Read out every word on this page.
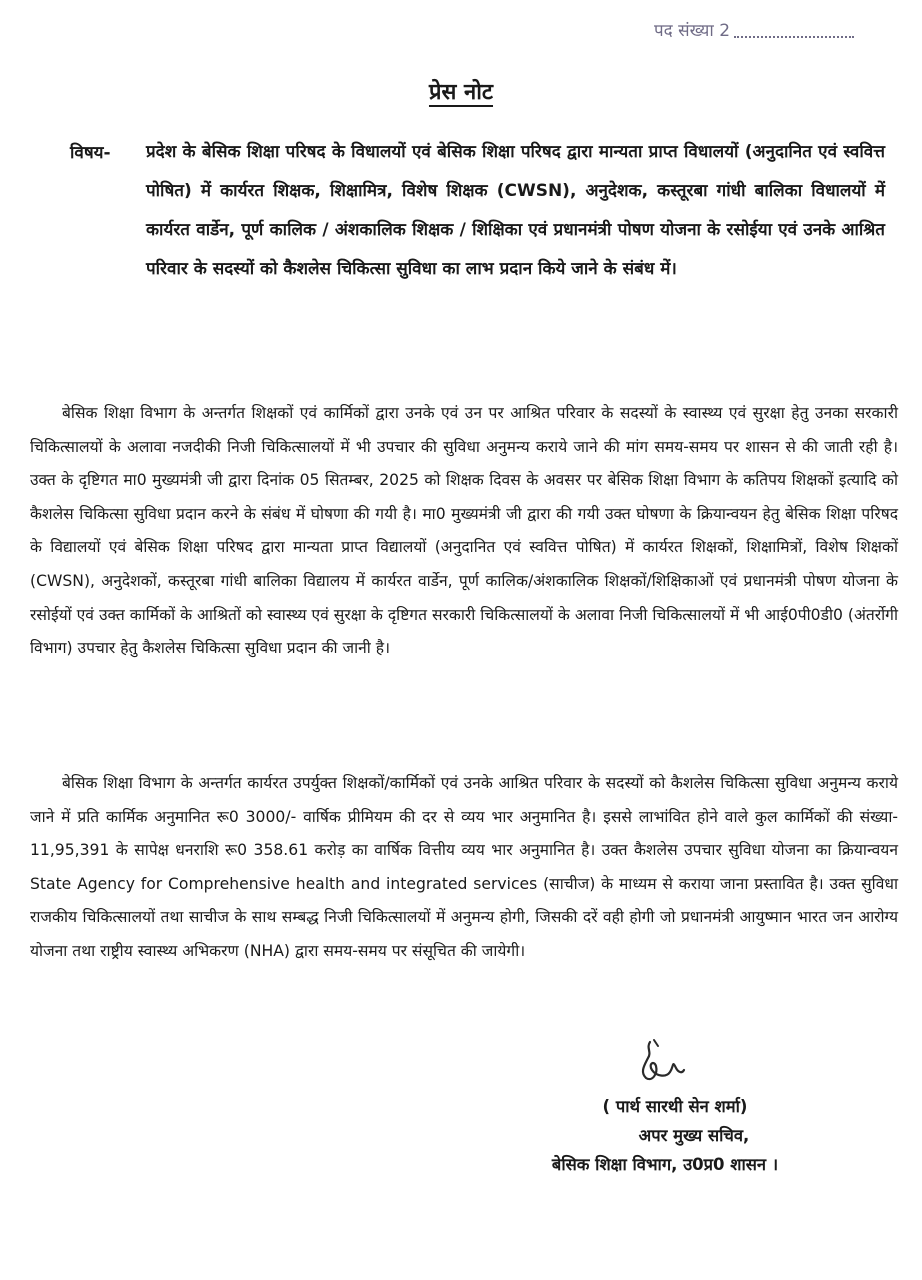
पद संख्या 2
प्रेस नोट
विषय- प्रदेश के बेसिक शिक्षा परिषद के विधालयों एवं बेसिक शिक्षा परिषद द्वारा मान्यता प्राप्त विधालयों (अनुदानित एवं स्ववित्त पोषित) में कार्यरत शिक्षक, शिक्षामित्र, विशेष शिक्षक (CWSN), अनुदेशक, कस्तूरबा गांधी बालिका विधालयों में कार्यरत वार्डेन, पूर्ण कालिक / अंशकालिक शिक्षक / शिक्षिका एवं प्रधानमंत्री पोषण योजना के रसोईया एवं उनके आश्रित परिवार के सदस्यों को कैशलेस चिकित्सा सुविधा का लाभ प्रदान किये जाने के संबंध में।

बेसिक शिक्षा विभाग के अन्तर्गत शिक्षकों एवं कार्मिकों द्वारा उनके एवं उन पर आश्रित परिवार के सदस्यों के स्वास्थ्य एवं सुरक्षा हेतु उनका सरकारी चिकित्सालयों के अलावा नजदीकी निजी चिकित्सालयों में भी उपचार की सुविधा अनुमन्य कराये जाने की मांग समय-समय पर शासन से की जाती रही है। उक्त के दृष्टिगत मा0 मुख्यमंत्री जी द्वारा दिनांक 05 सितम्बर, 2025 को शिक्षक दिवस के अवसर पर बेसिक शिक्षा विभाग के कतिपय शिक्षकों इत्यादि को कैशलेस चिकित्सा सुविधा प्रदान करने के संबंध में घोषणा की गयी है। मा0 मुख्यमंत्री जी द्वारा की गयी उक्त घोषणा के क्रियान्वयन हेतु बेसिक शिक्षा परिषद के विद्यालयों एवं बेसिक शिक्षा परिषद द्वारा मान्यता प्राप्त विद्यालयों (अनुदानित एवं स्ववित्त पोषित) में कार्यरत शिक्षकों, शिक्षामित्रों, विशेष शिक्षकों (CWSN), अनुदेशकों, कस्तूरबा गांधी बालिका विद्यालय में कार्यरत वार्डेन, पूर्ण कालिक/अंशकालिक शिक्षकों/शिक्षिकाओं एवं प्रधानमंत्री पोषण योजना के रसोईयों एवं उक्त कार्मिकों के आश्रितों को स्वास्थ्य एवं सुरक्षा के दृष्टिगत सरकारी चिकित्सालयों के अलावा निजी चिकित्सालयों में भी आई0पी0डी0 (अंतर्रोगी विभाग) उपचार हेतु कैशलेस चिकित्सा सुविधा प्रदान की जानी है।

बेसिक शिक्षा विभाग के अन्तर्गत कार्यरत उपर्युक्त शिक्षकों/कार्मिकों एवं उनके आश्रित परिवार के सदस्यों को कैशलेस चिकित्सा सुविधा अनुमन्य कराये जाने में प्रति कार्मिक अनुमानित रू0 3000/- वार्षिक प्रीमियम की दर से व्यय भार अनुमानित है। इससे लाभांवित होने वाले कुल कार्मिकों की संख्या- 11,95,391 के सापेक्ष धनराशि रू0 358.61 करोड़ का वार्षिक वित्तीय व्यय भार अनुमानित है। उक्त कैशलेस उपचार सुविधा योजना का क्रियान्वयन State Agency for Comprehensive health and integrated services (साचीज) के माध्यम से कराया जाना प्रस्तावित है। उक्त सुविधा राजकीय चिकित्सालयों तथा साचीज के साथ सम्बद्ध निजी चिकित्सालयों में अनुमन्य होगी, जिसकी दरें वही होगी जो प्रधानमंत्री आयुष्मान भारत जन आरोग्य योजना तथा राष्ट्रीय स्वास्थ्य अभिकरण (NHA) द्वारा समय-समय पर संसूचित की जायेगी।

( पार्थ सारथी सेन शर्मा)
अपर मुख्य सचिव,
बेसिक शिक्षा विभाग, उ0प्र0 शासन ।
